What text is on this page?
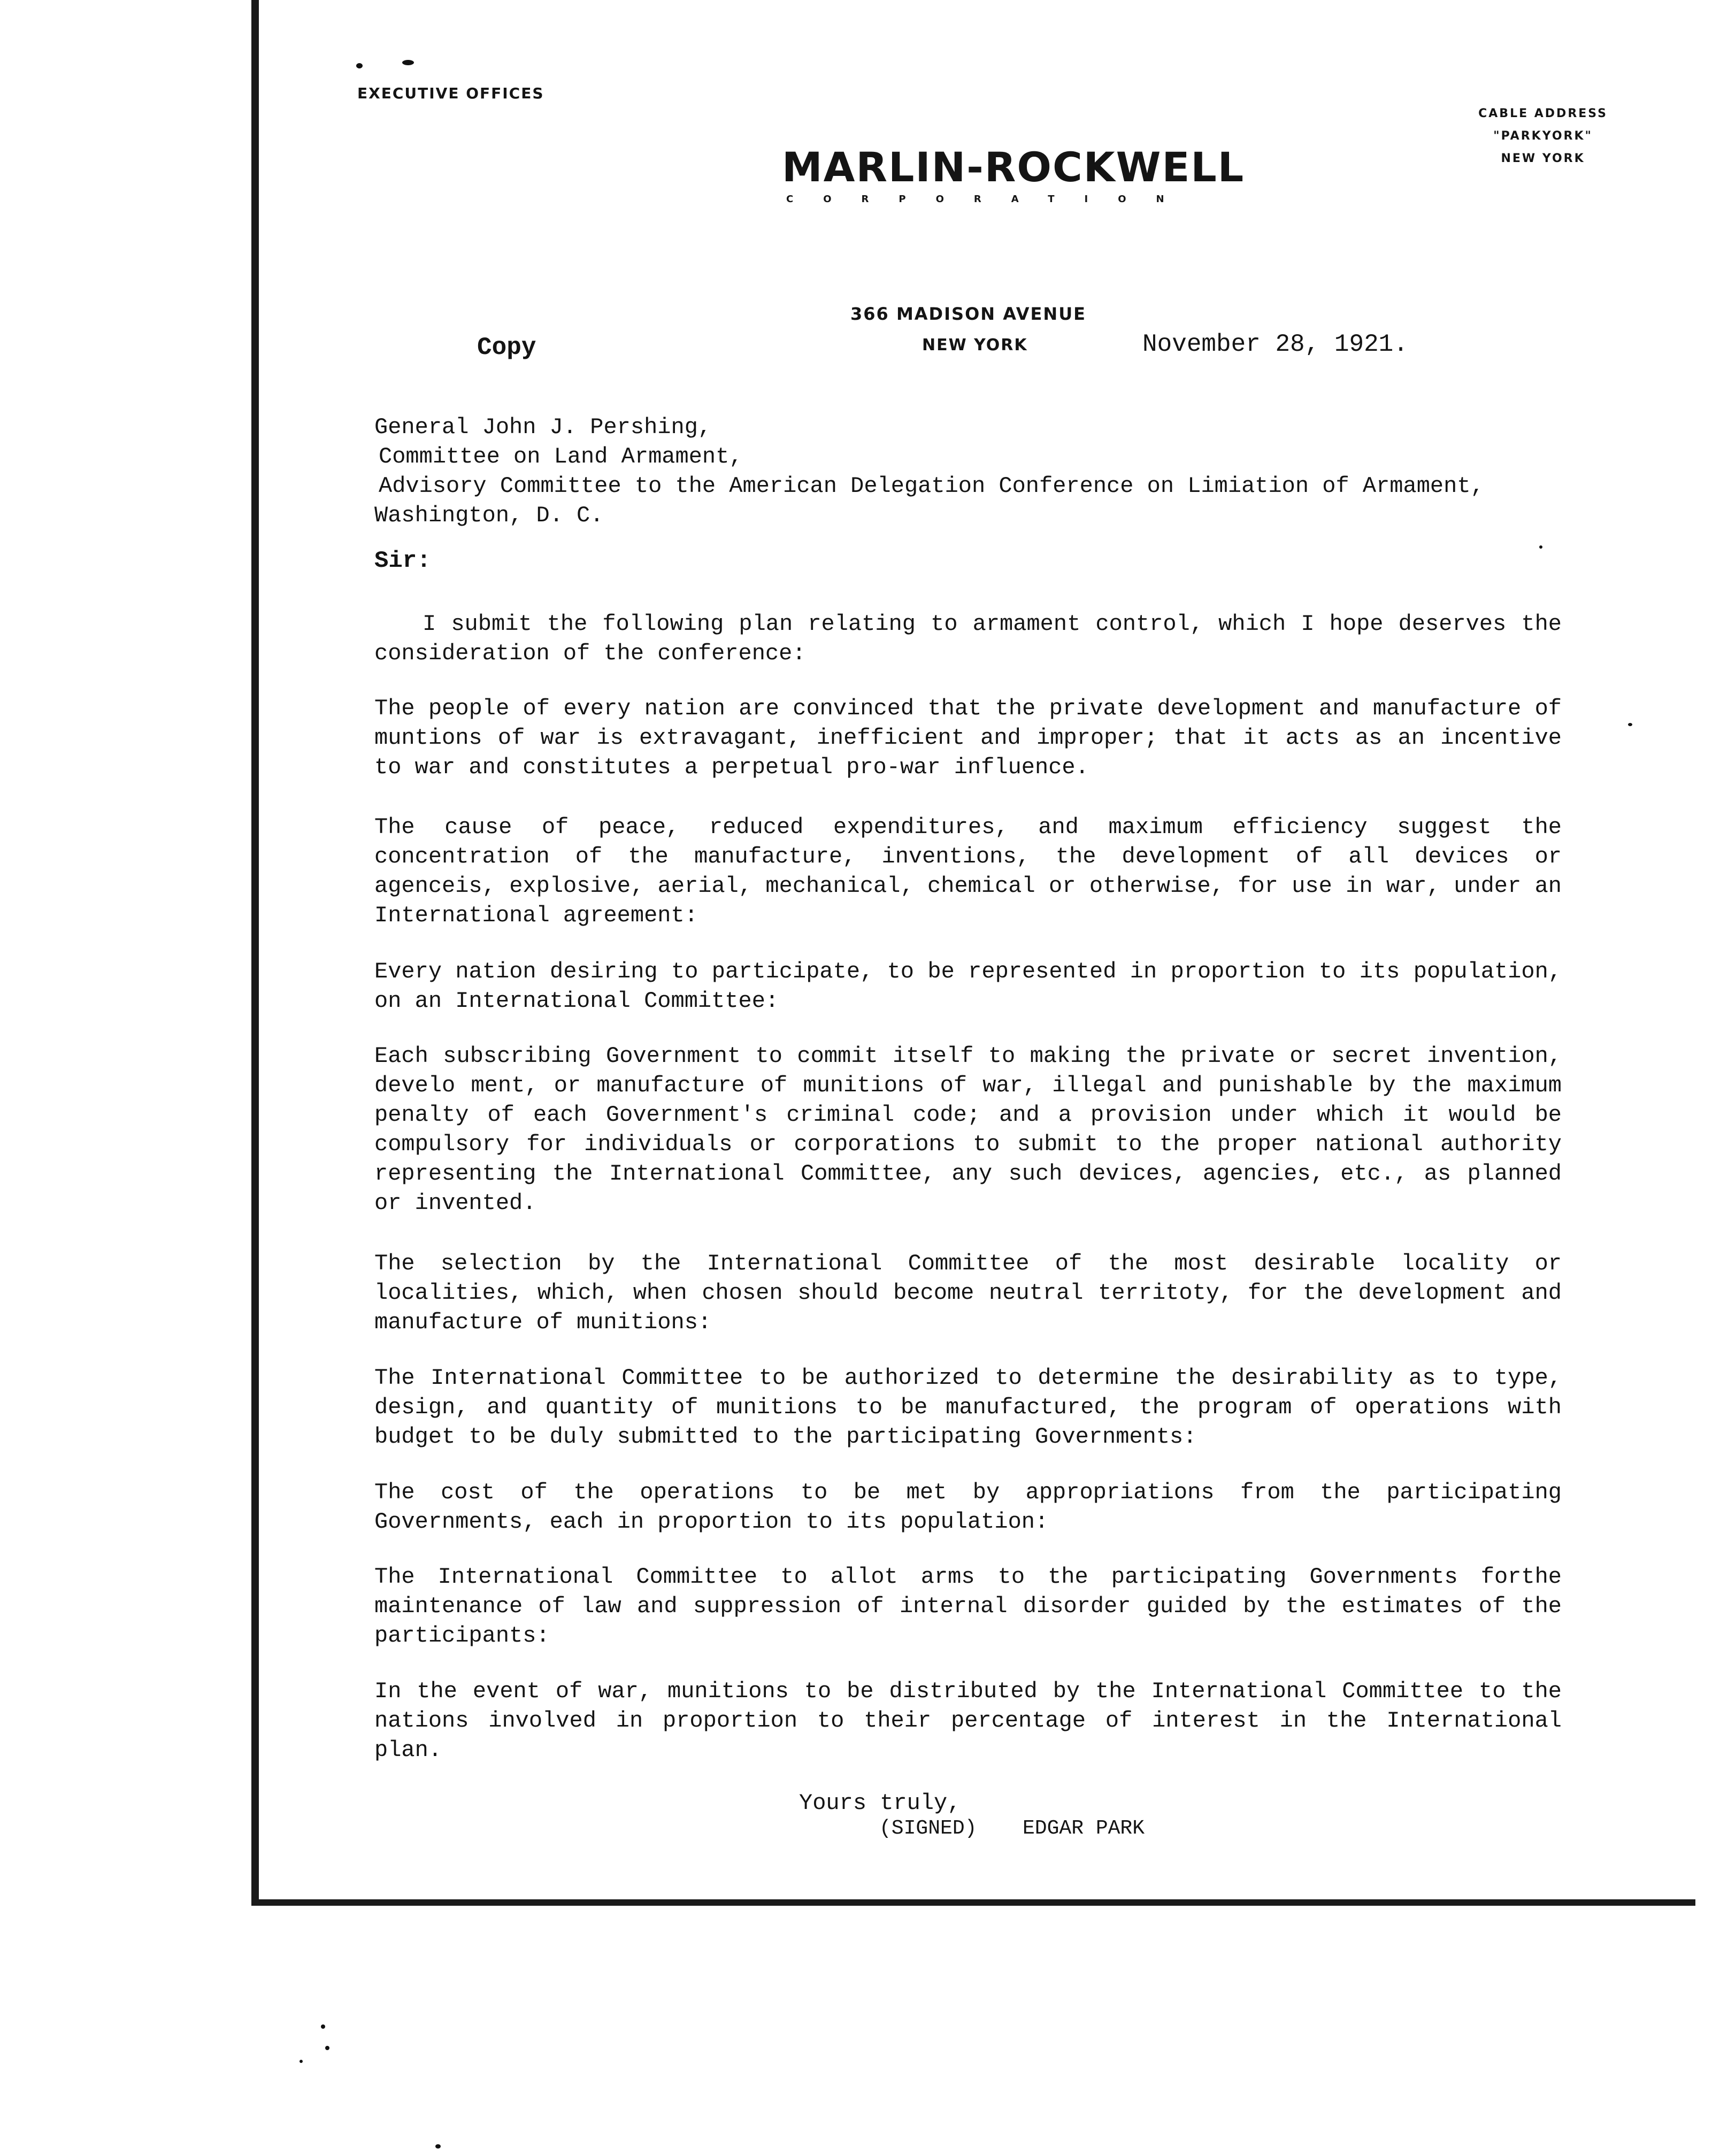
EXECUTIVE OFFICES
CABLE ADDRESS
"PARKYORK"
NEW YORK
MARLIN-ROCKWELL
CORPORATION
366 MADISON AVENUE
NEW YORK
Copy	November 28, 1921.
General John J. Pershing,
Committee on Land Armament,
Advisory Committee to the American Delegation Conference on Limiation of Armament,
Washington, D. C.
Sir:
I submit the following plan relating to armament control, which I hope deserves the consideration of the conference:
The people of every nation are convinced that the private development and manufacture of muntions of war is extravagant, inefficient and improper; that it acts as an incentive to war and constitutes a perpetual pro-war influence.
The cause of peace, reduced expenditures, and maximum efficiency suggest the concentration of the manufacture, inventions, the development of all devices or agenceis, explosive, aerial, mechanical, chemical or otherwise, for use in war, under an International agreement:
Every nation desiring to participate, to be represented in proportion to its population, on an International Committee:
Each subscribing Government to commit itself to making the private or secret invention, develo ment, or manufacture of munitions of war, illegal and punishable by the maximum penalty of each Government's criminal code; and a provision under which it would be compulsory for individuals or corporations to submit to the proper national authority representing the International Committee, any such devices, agencies, etc., as planned or invented.
The selection by the International Committee of the most desirable locality or localities, which, when chosen should become neutral territoty, for the development and manufacture of munitions:
The International Committee to be authorized to determine the desirability as to type, design, and quantity of munitions to be manufactured, the program of operations with budget to be duly submitted to the participating Governments:
The cost of the operations to be met by appropriations from the participating Governments, each in proportion to its population:
The International Committee to allot arms to the participating Governments forthe maintenance of law and suppression of internal disorder guided by the estimates of the participants:
In the event of war, munitions to be distributed by the International Committee to the nations involved in proportion to their percentage of interest in the International plan.
Yours truly,
(SIGNED) EDGAR PARK
